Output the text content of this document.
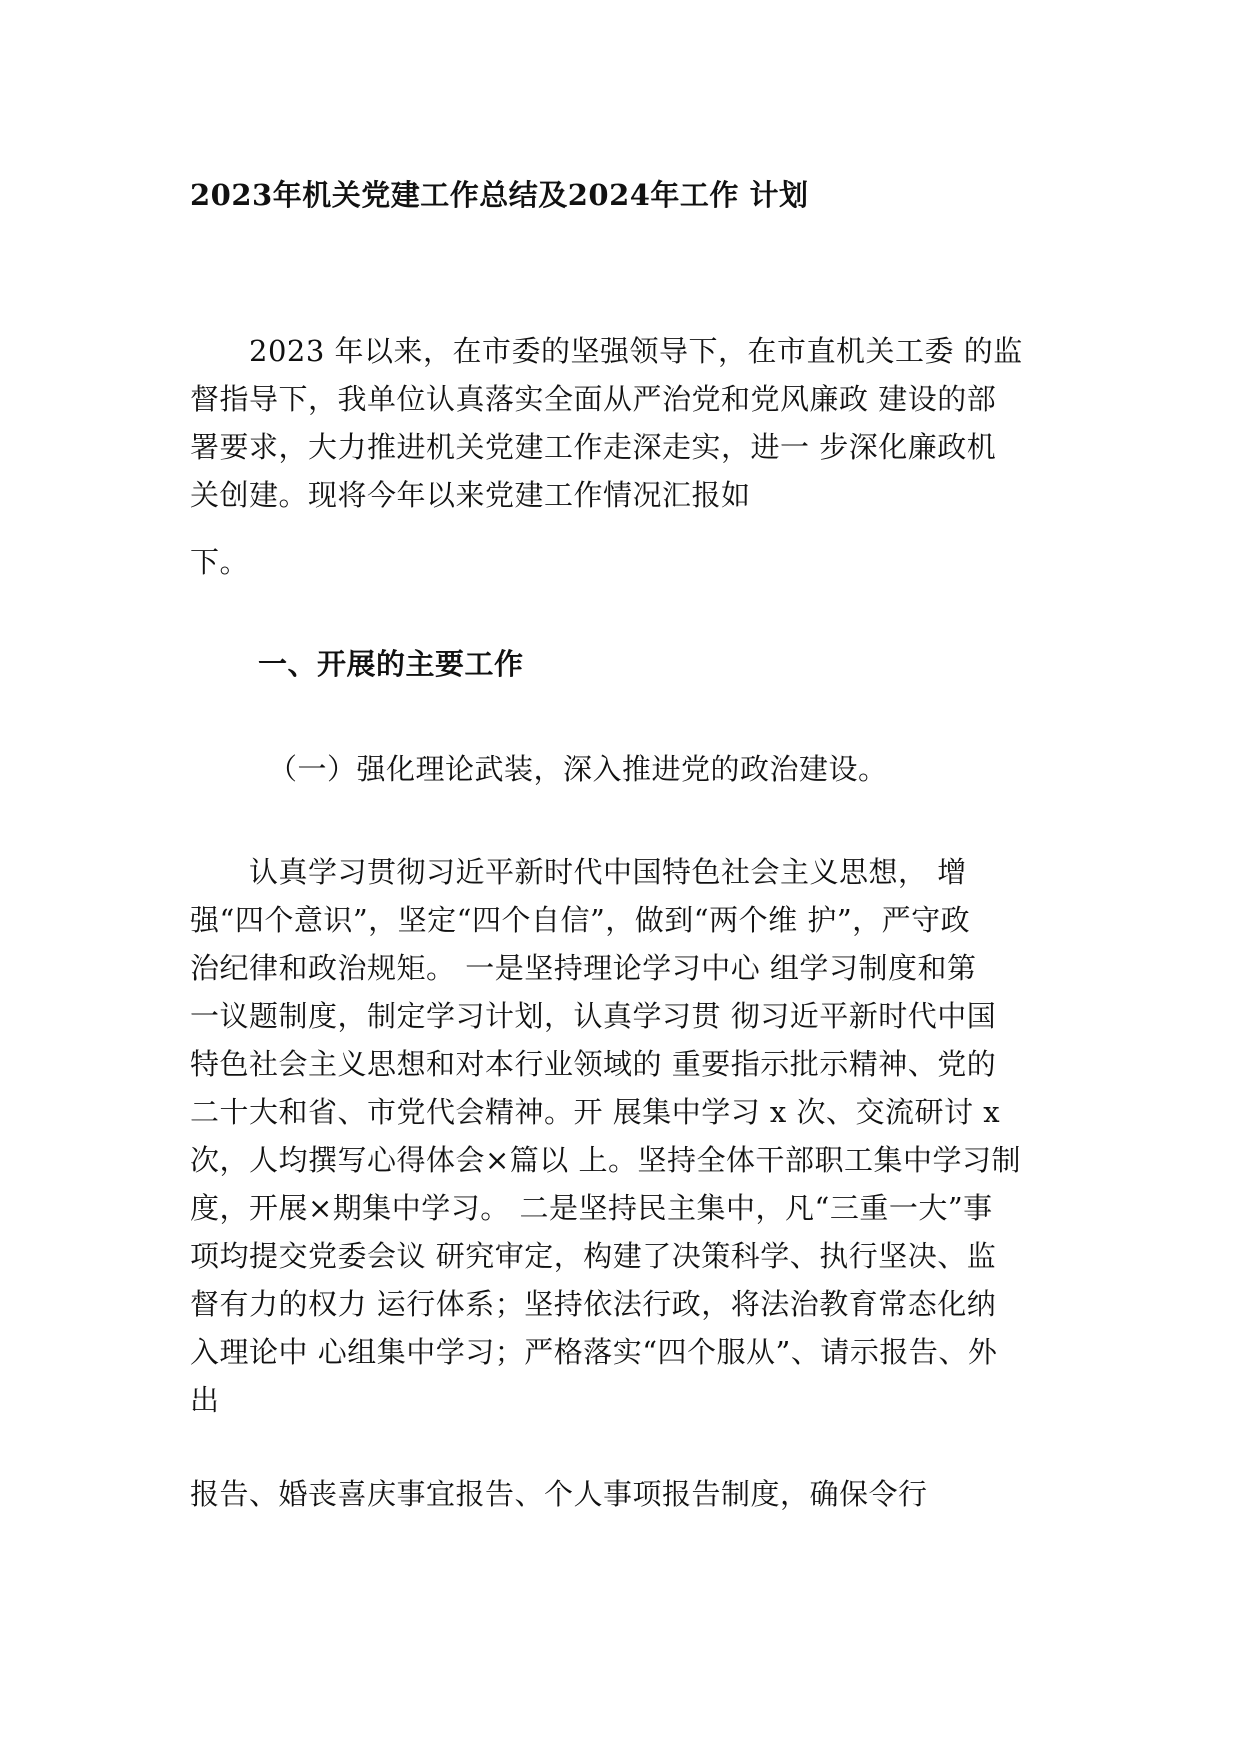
2023年机关党建工作总结及2024年工作 计划
　　2023 年以来，在市委的坚强领导下，在市直机关工委 的监
督指导下，我单位认真落实全面从严治党和党风廉政 建设的部
署要求，大力推进机关党建工作走深走实，进一 步深化廉政机
关创建。现将今年以来党建工作情况汇报如
下。
一、开展的主要工作
（一）强化理论武装，深入推进党的政治建设。
　　认真学习贯彻习近平新时代中国特色社会主义思想， 增
强“四个意识”，坚定“四个自信”，做到“两个维 护”，严守政
治纪律和政治规矩。 一是坚持理论学习中心 组学习制度和第
一议题制度，制定学习计划，认真学习贯 彻习近平新时代中国
特色社会主义思想和对本行业领域的 重要指示批示精神、党的
二十大和省、市党代会精神。开 展集中学习 x 次、交流研讨 x
次，人均撰写心得体会×篇以 上。坚持全体干部职工集中学习制
度，开展×期集中学习。 二是坚持民主集中，凡“三重一大”事
项均提交党委会议 研究审定，构建了决策科学、执行坚决、监
督有力的权力 运行体系；坚持依法行政，将法治教育常态化纳
入理论中 心组集中学习；严格落实“四个服从”、请示报告、外
出
报告、婚丧喜庆事宜报告、个人事项报告制度，确保令行
